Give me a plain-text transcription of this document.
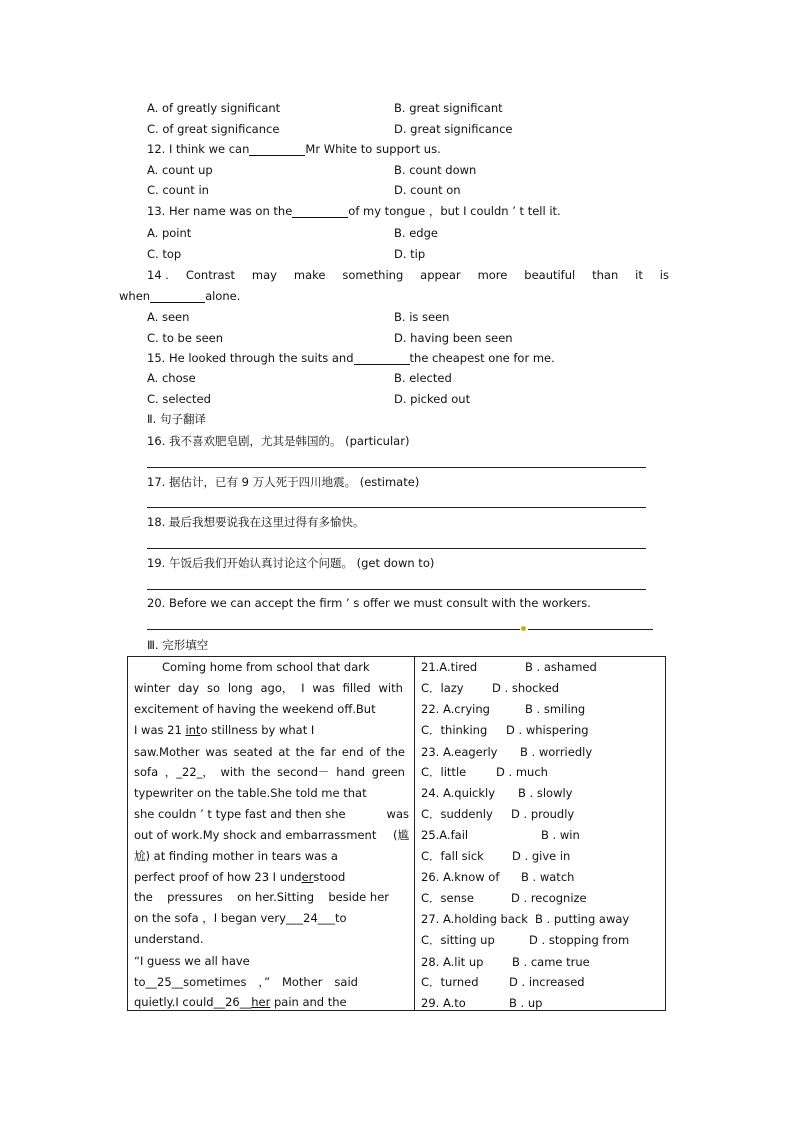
A. of greatly significant	B. great significant
C. of great significance	D. great significance
12. I think we can	Mr White to support us.
A. count up	B. count down
C. count in	D. count on
13. Her name was on the	of my tongue ，but I couldn ’ t tell it.
A. point	B. edge
C. top	D. tip
14 . Contrast may make something appear more beautiful than it is
when	alone.
A. seen	B. is seen
C. to be seen	D. having been seen
15. He looked through the suits and	the cheapest one for me.
A. chose	B. elected
C. selected	D. picked out
Ⅱ. 句子翻译
16. 我不喜欢肥皂剧，尤其是韩国的。 (particular)
17. 据估计，已有 9 万人死于四川地震。 (estimate)
18. 最后我想要说我在这里过得有多愉快。
19. 午饭后我们开始认真讨论这个问题。 (get down to)
20. Before we can accept the firm ’ s offer we must consult with the workers.
Ⅲ. 完形填空
Coming home from school that dark
winter day so long ago， I was filled with
excitement of having the weekend off.But
I was 21 into stillness by what I
saw.Mother was seated at the far end of the
sofa ，_22_， with the second－ hand green
typewriter on the table.She told me that
she couldn ’ t type fast and then she	was
out of work.My shock and embarrassment (尴
尬) at finding mother in tears was a
perfect proof of how 23 I understood
the pressures on her.Sitting beside her
on the sofa ，I began very___24___to
understand.
“I guess we all have
to__25__sometimes ，” Mother said
quietly.I could__26__her pain and the
21.A.tired	B . ashamed
C．lazy D . shocked
22. A.crying	B . smiling
C．thinking D . whispering
23. A.eagerly B . worriedly
C．little	D . much
24. A.quickly B . slowly
C．suddenly D . proudly
25.A.fail	B . win
C．fall sick D . give in
26. A.know of B . watch
C．sense	D . recognize
27. A.holding back B . putting away
C．sitting up	D . stopping from
28. A.lit up B . came true
C．turned	D . increased
29. A.to	B . up
